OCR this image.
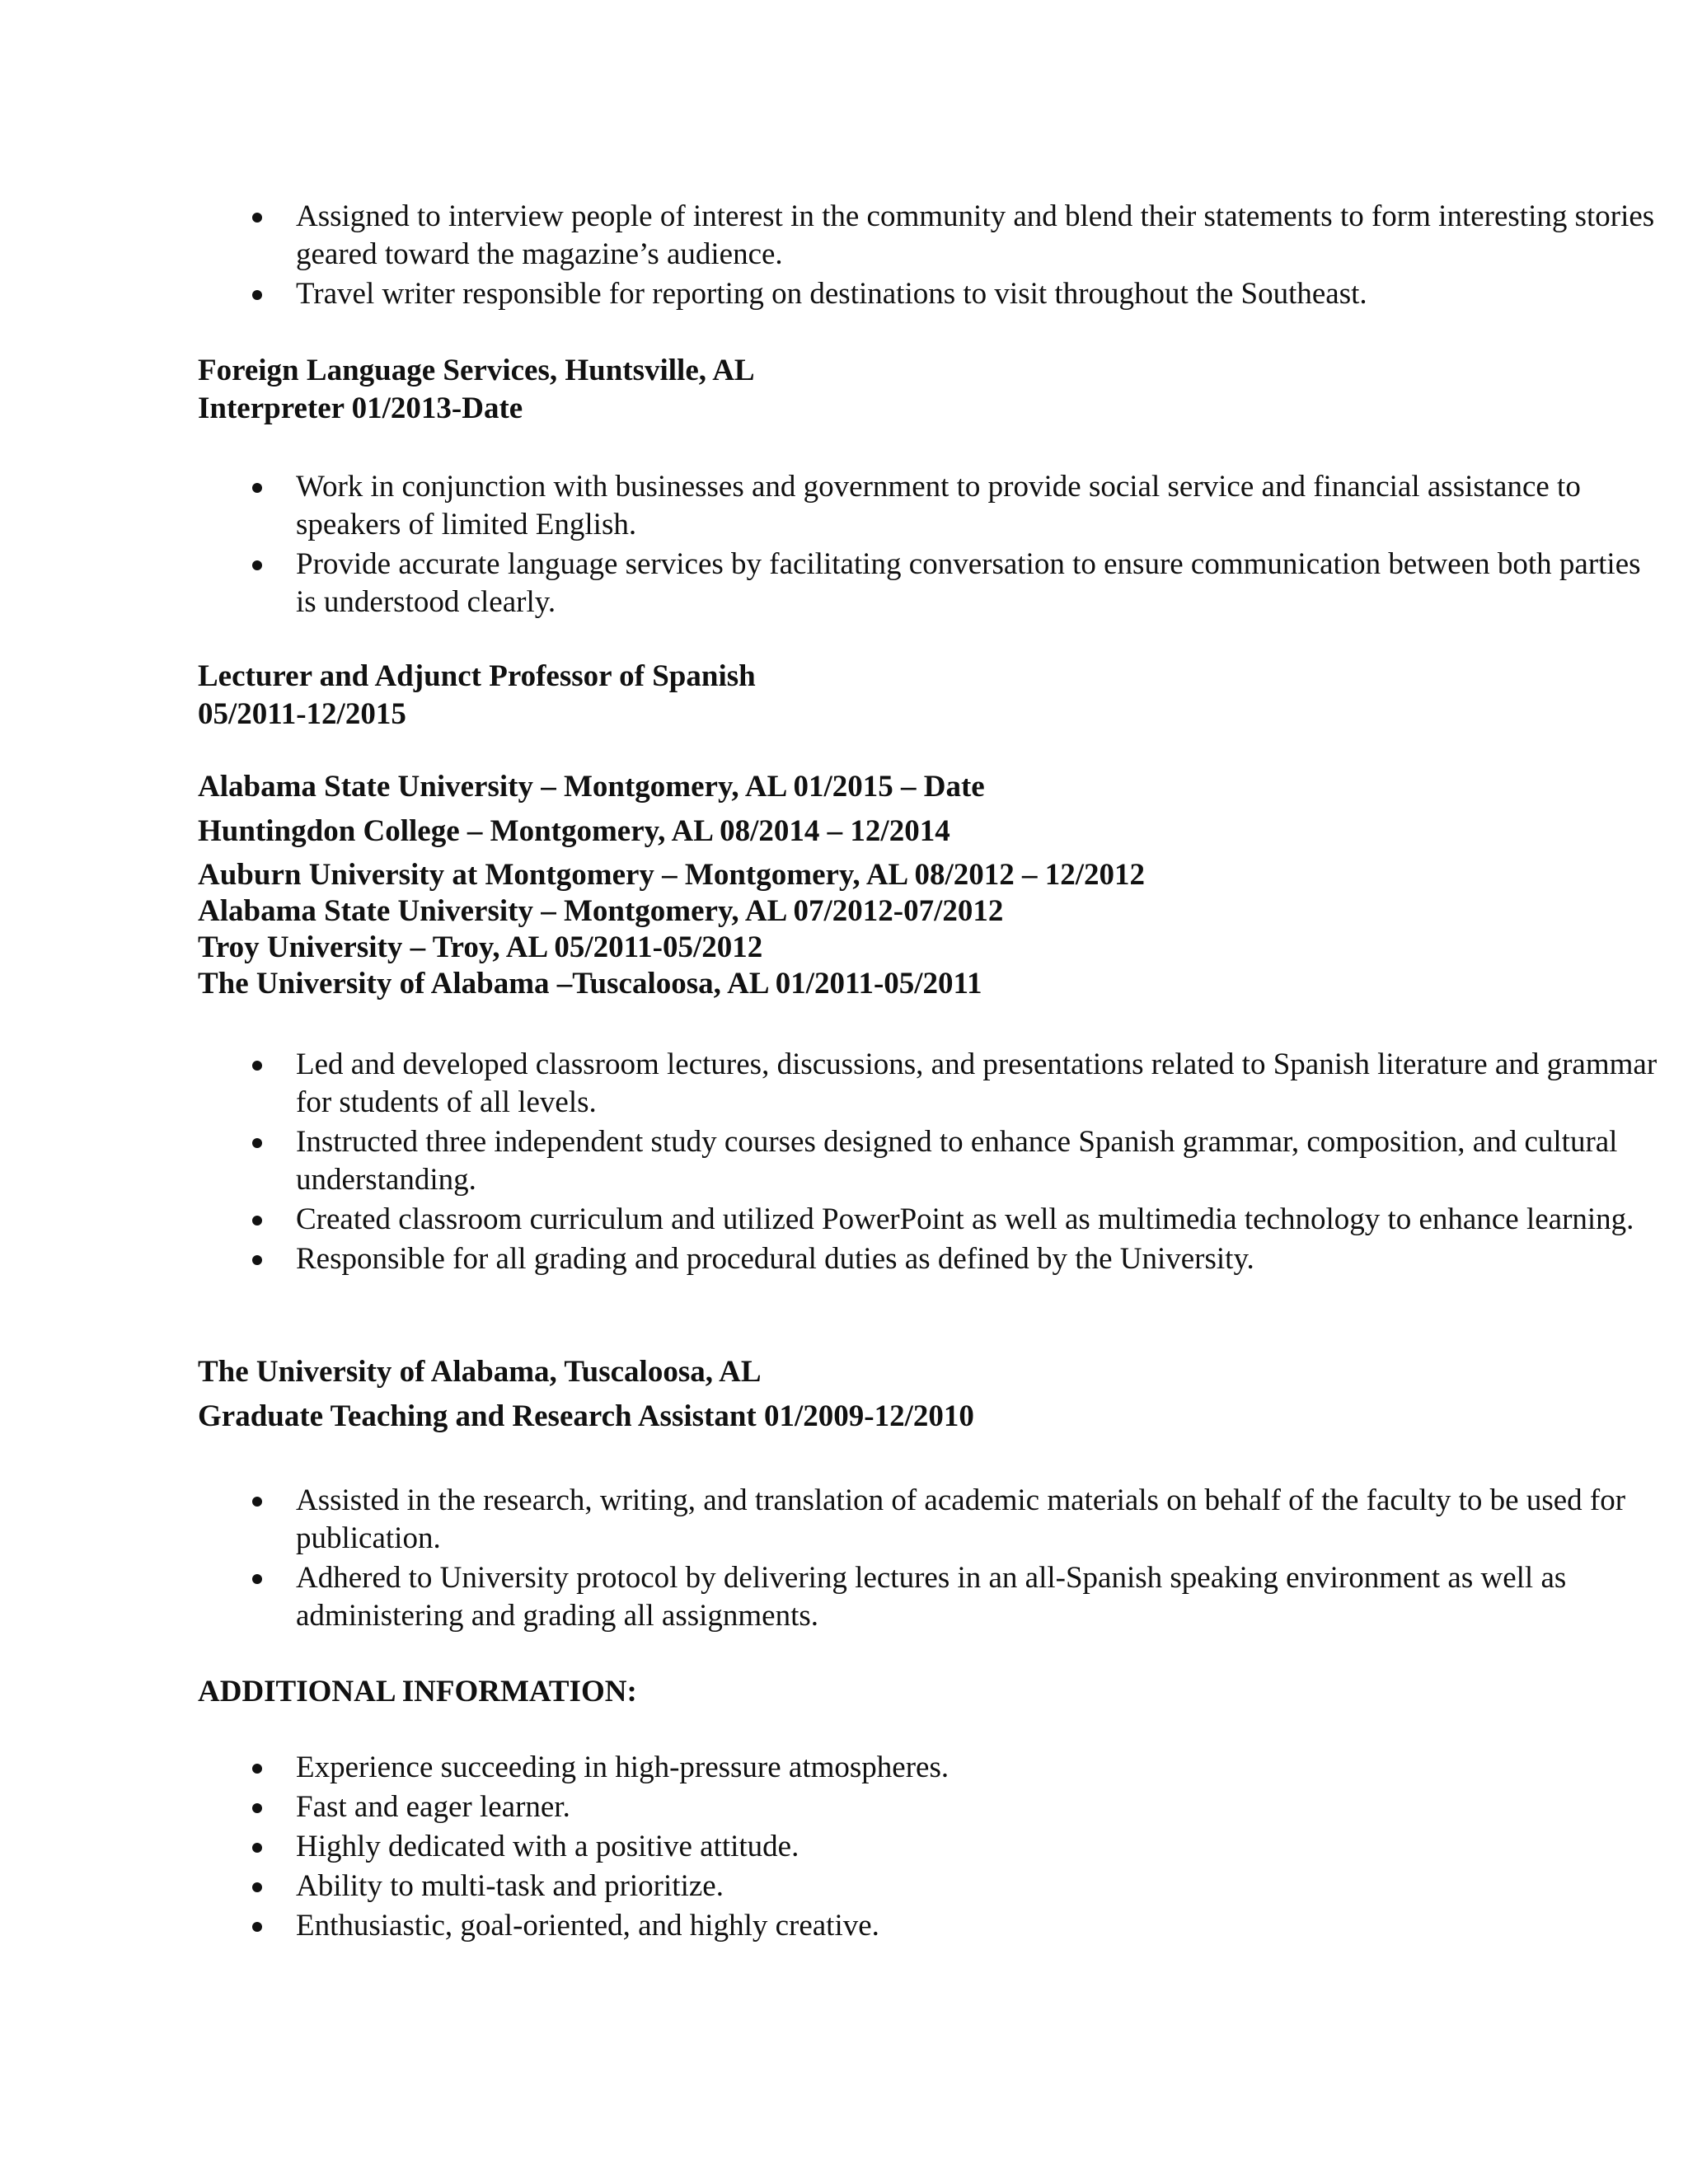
Assigned to interview people of interest in the community and blend their statements to form interesting stories geared toward the magazine’s audience.
Travel writer responsible for reporting on destinations to visit throughout the Southeast.

Foreign Language Services, Huntsville, AL

Interpreter 01/2013-Date

Work in conjunction with businesses and government to provide social service and financial assistance to speakers of limited English.
Provide accurate language services by facilitating conversation to ensure communication between both parties is understood clearly.

Lecturer and Adjunct Professor of Spanish

05/2011-12/2015

Alabama State University – Montgomery, AL 01/2015 – Date

Huntingdon College – Montgomery, AL 08/2014 – 12/2014

Auburn University at Montgomery – Montgomery, AL 08/2012 – 12/2012

Alabama State University – Montgomery, AL 07/2012-07/2012

Troy University – Troy, AL 05/2011-05/2012

The University of Alabama –Tuscaloosa, AL 01/2011-05/2011

Led and developed classroom lectures, discussions, and presentations related to Spanish literature and grammar for students of all levels.
Instructed three independent study courses designed to enhance Spanish grammar, composition, and cultural understanding.
Created classroom curriculum and utilized PowerPoint as well as multimedia technology to enhance learning.
Responsible for all grading and procedural duties as defined by the University.

The University of Alabama, Tuscaloosa, AL

Graduate Teaching and Research Assistant 01/2009-12/2010

Assisted in the research, writing, and translation of academic materials on behalf of the faculty to be used for publication.
Adhered to University protocol by delivering lectures in an all-Spanish speaking environment as well as administering and grading all assignments.

ADDITIONAL INFORMATION:

Experience succeeding in high-pressure atmospheres.
Fast and eager learner.
Highly dedicated with a positive attitude.
Ability to multi-task and prioritize.
Enthusiastic, goal-oriented, and highly creative.
